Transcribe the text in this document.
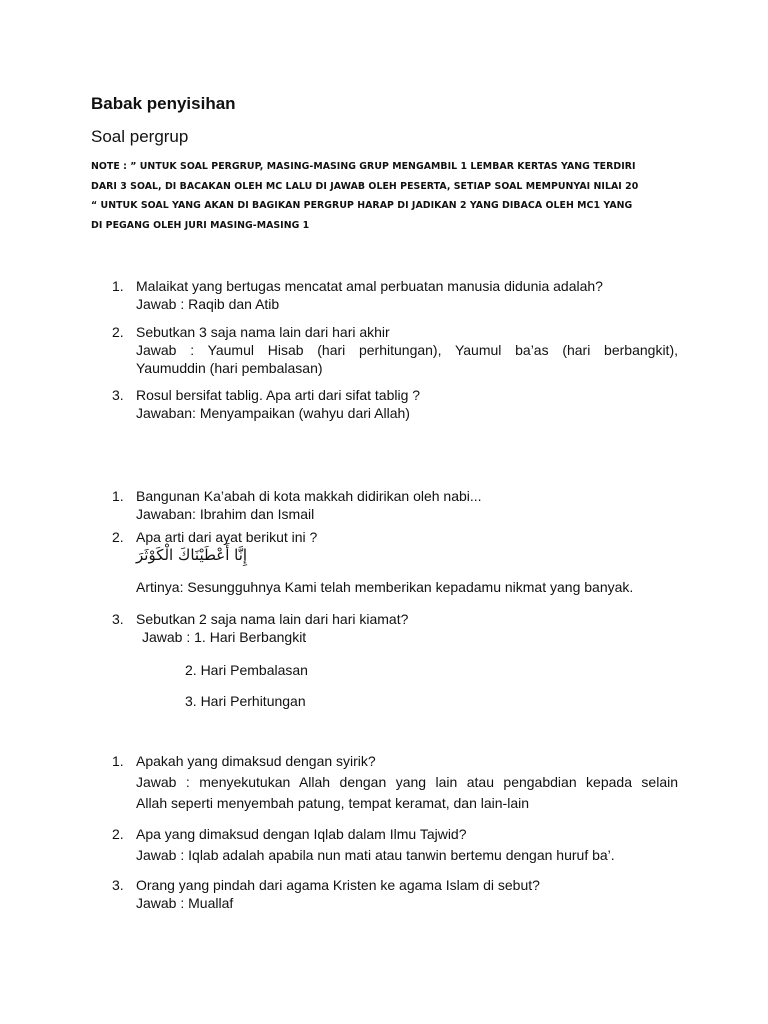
Babak penyisihan
Soal pergrup
NOTE : ” UNTUK SOAL PERGRUP, MASING-MASING GRUP MENGAMBIL 1 LEMBAR KERTAS YANG TERDIRI
DARI 3 SOAL, DI BACAKAN OLEH MC LALU DI JAWAB OLEH PESERTA, SETIAP SOAL MEMPUNYAI NILAI 20
“ UNTUK SOAL YANG AKAN DI BAGIKAN PERGRUP HARAP DI JADIKAN 2 YANG DIBACA OLEH MC1 YANG
DI PEGANG OLEH JURI MASING-MASING 1
1. Malaikat yang bertugas mencatat amal perbuatan manusia didunia adalah?
Jawab : Raqib dan Atib
2. Sebutkan 3 saja nama lain dari hari akhir
Jawab : Yaumul Hisab (hari perhitungan), Yaumul ba’as (hari berbangkit),
Yaumuddin (hari pembalasan)
3. Rosul bersifat tablig. Apa arti dari sifat tablig ?
Jawaban: Menyampaikan (wahyu dari Allah)
1. Bangunan Ka’abah di kota makkah didirikan oleh nabi...
Jawaban: Ibrahim dan Ismail
2. Apa arti dari ayat berikut ini ?
إِنَّا أَعْطَيْنَاكَ الْكَوْثَرَ
Artinya: Sesungguhnya Kami telah memberikan kepadamu nikmat yang banyak.
3. Sebutkan 2 saja nama lain dari hari kiamat?
Jawab : 1. Hari Berbangkit
2. Hari Pembalasan
3. Hari Perhitungan
1. Apakah yang dimaksud dengan syirik?
Jawab : menyekutukan Allah dengan yang lain atau pengabdian kepada selain
Allah seperti menyembah patung, tempat keramat, dan lain-lain
2. Apa yang dimaksud dengan Iqlab dalam Ilmu Tajwid?
Jawab : Iqlab adalah apabila nun mati atau tanwin bertemu dengan huruf ba’.
3. Orang yang pindah dari agama Kristen ke agama Islam di sebut?
Jawab : Muallaf
